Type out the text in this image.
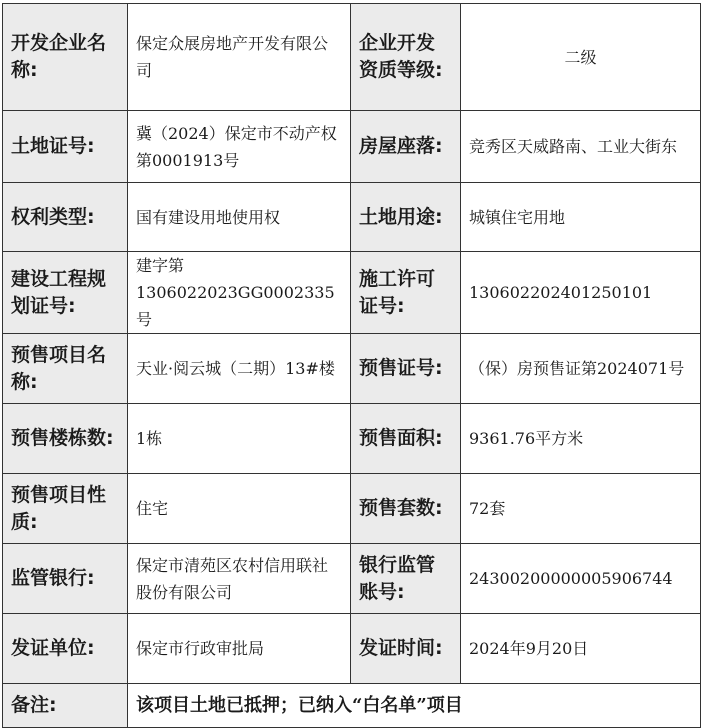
开发企业名称:	保定众展房地产开发有限公司	企业开发资质等级:	二级
土地证号:	冀（2024）保定市不动产权第0001913号	房屋座落:	竞秀区天威路南、工业大街东
权利类型:	国有建设用地使用权	土地用途:	城镇住宅用地
建设工程规划证号:	建字第1306022023GG0002335号	施工许可证号:	130602202401250101
预售项目名称:	天业·阅云城（二期）13#楼	预售证号:	（保）房预售证第2024071号
预售楼栋数:	1栋	预售面积:	9361.76平方米
预售项目性质:	住宅	预售套数:	72套
监管银行:	保定市清苑区农村信用联社股份有限公司	银行监管账号:	24300200000005906744
发证单位:	保定市行政审批局	发证时间:	2024年9月20日
备注:	该项目土地已抵押；已纳入“白名单”项目		
